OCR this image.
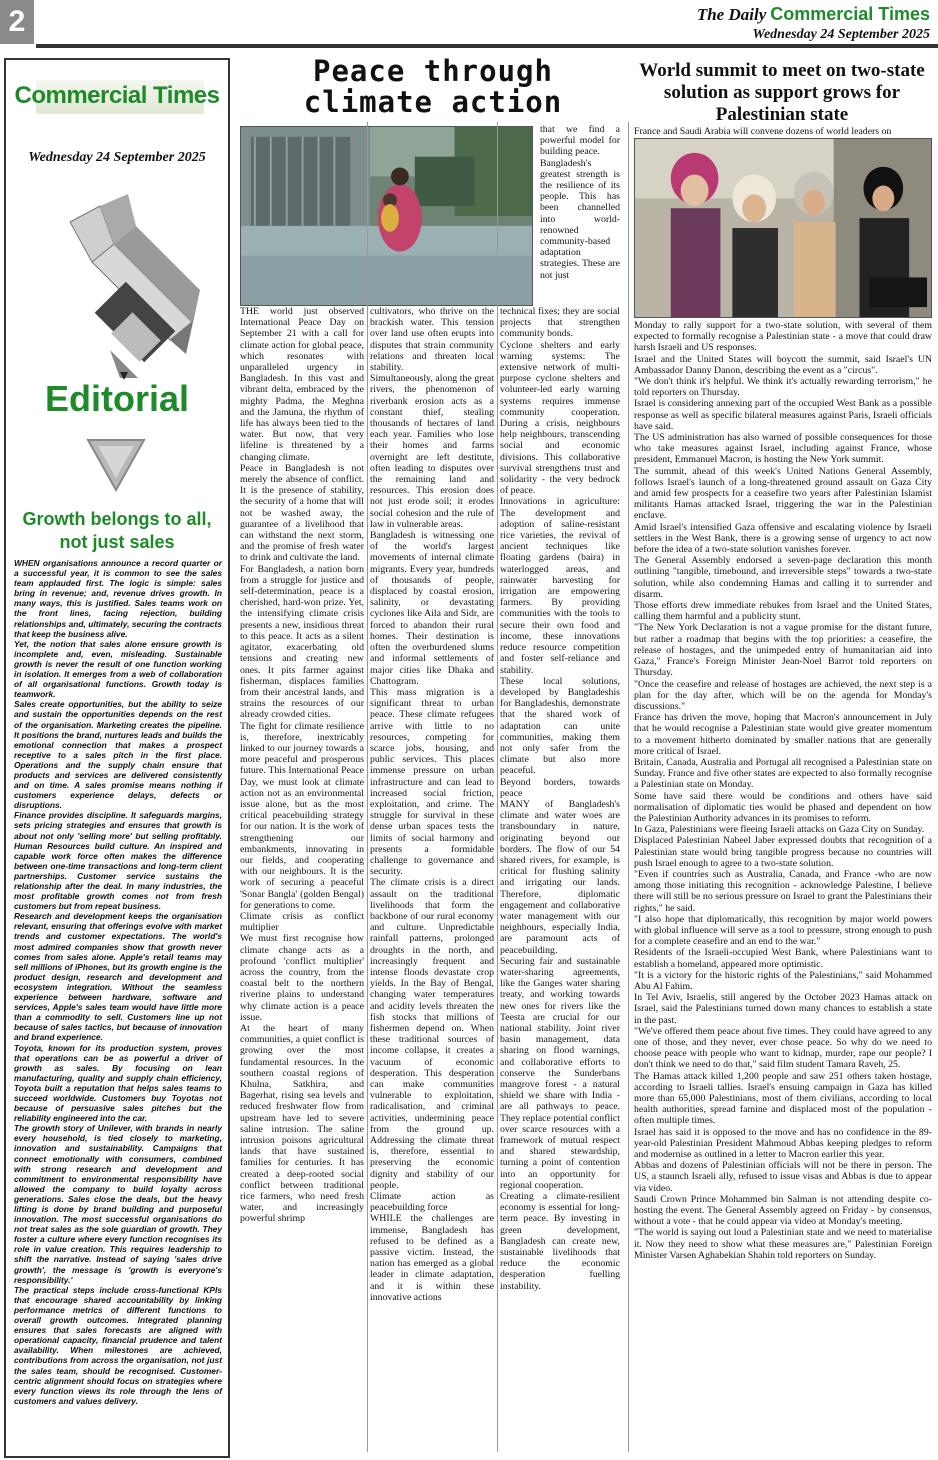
2	The Daily Commercial Times
Wednesday 24 September 2025
Commercial Times
Wednesday 24 September 2025
Editorial
Growth belongs to all, not just sales

WHEN organisations announce a record quarter or a successful year, it is common to see the sales team applauded first. The logic is simple: sales bring in revenue; and, revenue drives growth. In many ways, this is justified. Sales teams work on the front lines, facing rejection, building relationships and, ultimately, securing the contracts that keep the business alive.

Yet, the notion that sales alone ensure growth is incomplete and, even, misleading. Sustainable growth is never the result of one function working in isolation. It emerges from a web of collaboration of all organisational functions. Growth today is teamwork.

Sales create opportunities, but the ability to seize and sustain the opportunities depends on the rest of the organisation. Marketing creates the pipeline. It positions the brand, nurtures leads and builds the emotional connection that makes a prospect receptive to a sales pitch in the first place. Operations and the supply chain ensure that products and services are delivered consistently and on time. A sales promise means nothing if customers experience delays, defects or disruptions.

Finance provides discipline. It safeguards margins, sets pricing strategies and ensures that growth is about not only 'selling more' but selling profitably. Human Resources build culture. An inspired and capable work force often makes the difference between one-time transactions and long-term client partnerships. Customer service sustains the relationship after the deal. In many industries, the most profitable growth comes not from fresh customers but from repeat business.

Research and development keeps the organisation relevant, ensuring that offerings evolve with market trends and customer expectations. The world's most admired companies show that growth never comes from sales alone. Apple's retail teams may sell millions of iPhones, but its growth engine is the product design, research and development and ecosystem integration. Without the seamless experience between hardware, software and services, Apple's sales team would have little more than a commodity to sell. Customers line up not because of sales tactics, but because of innovation and brand experience.

Toyota, known for its production system, proves that operations can be as powerful a driver of growth as sales. By focusing on lean manufacturing, quality and supply chain efficiency, Toyota built a reputation that helps sales teams to succeed worldwide. Customers buy Toyotas not because of persuasive sales pitches but the reliability engineered into the car.

The growth story of Unilever, with brands in nearly every household, is tied closely to marketing, innovation and sustainability. Campaigns that connect emotionally with consumers, combined with strong research and development and commitment to environmental responsibility have allowed the company to build loyalty across generations. Sales close the deals, but the heavy lifting is done by brand building and purposeful innovation. The most successful organisations do not treat sales as the sole guardian of growth. They foster a culture where every function recognises its role in value creation. This requires leadership to shift the narrative. Instead of saying 'sales drive growth', the message is 'growth is everyone's responsibility.'

The practical steps include cross-functional KPIs that encourage shared accountability by linking performance metrics of different functions to overall growth outcomes. Integrated planning ensures that sales forecasts are aligned with operational capacity, financial prudence and talent availability. When milestones are achieved, contributions from across the organisation, not just the sales team, should be recognised. Customer-centric alignment should focus on strategies where every function views its role through the lens of customers and values delivery.

Peace through climate action

that we find a powerful model for building peace.

Bangladesh's greatest strength is the resilience of its people. This has been channelled into world-renowned community-based adaptation strategies. These are not just

THE world just observed International Peace Day on September 21 with a call for climate action for global peace, which resonates with unparalleled urgency in Bangladesh. In this vast and vibrant delta, embraced by the mighty Padma, the Meghna and the Jamuna, the rhythm of life has always been tied to the water. But now, that very lifeline is threatened by a changing climate.

Peace in Bangladesh is not merely the absence of conflict. It is the presence of stability, the security of a home that will not be washed away, the guarantee of a livelihood that can withstand the next storm, and the promise of fresh water to drink and cultivate the land.

For Bangladesh, a nation born from a struggle for justice and self-determination, peace is a cherished, hard-won prize. Yet, the intensifying climate crisis presents a new, insidious threat to this peace. It acts as a silent agitator, exacerbating old tensions and creating new ones. It pits farmer against fisherman, displaces families from their ancestral lands, and strains the resources of our already crowded cities.

The fight for climate resilience is, therefore, inextricably linked to our journey towards a more peaceful and prosperous future. This International Peace Day, we must look at climate action not as an environmental issue alone, but as the most critical peacebuilding strategy for our nation. It is the work of strengthening our embankments, innovating in our fields, and cooperating with our neighbours. It is the work of securing a peaceful 'Sonar Bangla' (golden Bengal) for generations to come.

Climate crisis as conflict multiplier

We must first recognise how climate change acts as a profound 'conflict multiplier' across the country, from the coastal belt to the northern riverine plains to understand why climate action is a peace issue.

At the heart of many communities, a quiet conflict is growing over the most fundamental resources. In the southern coastal regions of Khulna, Satkhira, and Bagerhat, rising sea levels and reduced freshwater flow from upstream have led to severe saline intrusion. The saline intrusion poisons agricultural lands that have sustained families for centuries. It has created a deep-rooted social conflict between traditional rice farmers, who need fresh water, and increasingly powerful shrimp

cultivators, who thrive on the brackish water. This tension over land use often erupts into disputes that strain community relations and threaten local stability.

Simultaneously, along the great rivers, the phenomenon of riverbank erosion acts as a constant thief, stealing thousands of hectares of land each year. Families who lose their homes and farms overnight are left destitute, often leading to disputes over the remaining land and resources. This erosion does not just erode soil; it erodes social cohesion and the rule of law in vulnerable areas.

Bangladesh is witnessing one of the world's largest movements of internal climate migrants. Every year, hundreds of thousands of people, displaced by coastal erosion, salinity, or devastating cyclones like Aila and Sidr, are forced to abandon their rural homes. Their destination is often the overburdened slums and informal settlements of major cities like Dhaka and Chattogram.

This mass migration is a significant threat to urban peace. These climate refugees arrive with little to no resources, competing for scarce jobs, housing, and public services. This places immense pressure on urban infrastructure and can lead to increased social friction, exploitation, and crime. The struggle for survival in these dense urban spaces tests the limits of social harmony and presents a formidable challenge to governance and security.

The climate crisis is a direct assault on the traditional livelihoods that form the backbone of our rural economy and culture. Unpredictable rainfall patterns, prolonged droughts in the north, and increasingly frequent and intense floods devastate crop yields. In the Bay of Bengal, changing water temperatures and acidity levels threaten the fish stocks that millions of fishermen depend on. When these traditional sources of income collapse, it creates a vacuum of economic desperation. This desperation can make communities vulnerable to exploitation, radicalisation, and criminal activities, undermining peace from the ground up. Addressing the climate threat is, therefore, essential to preserving the economic dignity and stability of our people.

Climate action as peacebuilding force

WHILE the challenges are immense, Bangladesh has refused to be defined as a passive victim. Instead, the nation has emerged as a global leader in climate adaptation, and it is within these innovative actions

technical fixes; they are social projects that strengthen community bonds.

Cyclone shelters and early warning systems: The extensive network of multi-purpose cyclone shelters and volunteer-led early warning systems requires immense community cooperation. During a crisis, neighbours help neighbours, transcending social and economic divisions. This collaborative survival strengthens trust and solidarity - the very bedrock of peace.

Innovations in agriculture: The development and adoption of saline-resistant rice varieties, the revival of ancient techniques like floating gardens (baira) in waterlogged areas, and rainwater harvesting for irrigation are empowering farmers. By providing communities with the tools to secure their own food and income, these innovations reduce resource competition and foster self-reliance and stability.

These local solutions, developed by Bangladeshis for Bangladeshis, demonstrate that the shared work of adaptation can unite communities, making them not only safer from the climate but also more peaceful.

Beyond borders, towards peace

MANY of Bangladesh's climate and water woes are transboundary in nature, originating beyond our borders. The flow of our 54 shared rivers, for example, is critical for flushing salinity and irrigating our lands. Therefore, diplomatic engagement and collaborative water management with our neighbours, especially India, are paramount acts of peacebuilding.

Securing fair and sustainable water-sharing agreements, like the Ganges water sharing treaty, and working towards new ones for rivers like the Teesta are crucial for our national stability. Joint river basin management, data sharing on flood warnings, and collaborative efforts to conserve the Sunderbans mangrove forest - a natural shield we share with India - are all pathways to peace. They replace potential conflict over scarce resources with a framework of mutual respect and shared stewardship, turning a point of contention into an opportunity for regional cooperation.

Creating a climate-resilient economy is essential for long-term peace. By investing in green development, Bangladesh can create new, sustainable livelihoods that reduce the economic desperation fuelling instability.

World summit to meet on two-state solution as support grows for Palestinian state
France and Saudi Arabia will convene dozens of world leaders on

Monday to rally support for a two-state solution, with several of them expected to formally recognise a Palestinian state - a move that could draw harsh Israeli and US responses.

Israel and the United States will boycott the summit, said Israel's UN Ambassador Danny Danon, describing the event as a "circus".

"We don't think it's helpful. We think it's actually rewarding terrorism," he told reporters on Thursday.

Israel is considering annexing part of the occupied West Bank as a possible response as well as specific bilateral measures against Paris, Israeli officials have said.

The US administration has also warned of possible consequences for those who take measures against Israel, including against France, whose president, Emmanuel Macron, is hosting the New York summit.

The summit, ahead of this week's United Nations General Assembly, follows Israel's launch of a long-threatened ground assault on Gaza City and amid few prospects for a ceasefire two years after Palestinian Islamist militants Hamas attacked Israel, triggering the war in the Palestinian enclave.

Amid Israel's intensified Gaza offensive and escalating violence by Israeli settlers in the West Bank, there is a growing sense of urgency to act now before the idea of a two-state solution vanishes forever.

The General Assembly endorsed a seven-page declaration this month outlining "tangible, timebound, and irreversible steps" towards a two-state solution, while also condemning Hamas and calling it to surrender and disarm.

Those efforts drew immediate rebukes from Israel and the United States, calling them harmful and a publicity stunt.

"The New York Declaration is not a vague promise for the distant future, but rather a roadmap that begins with the top priorities: a ceasefire, the release of hostages, and the unimpeded entry of humanitarian aid into Gaza," France's Foreign Minister Jean-Noel Barrot told reporters on Thursday.

"Once the ceasefire and release of hostages are achieved, the next step is a plan for the day after, which will be on the agenda for Monday's discussions."

France has driven the move, hoping that Macron's announcement in July that he would recognise a Palestinian state would give greater momentum to a movement hitherto dominated by smaller nations that are generally more critical of Israel.

Britain, Canada, Australia and Portugal all recognised a Palestinian state on Sunday. France and five other states are expected to also formally recognise a Palestinian state on Monday.

Some have said there would be conditions and others have said normalisation of diplomatic ties would be phased and dependent on how the Palestinian Authority advances in its promises to reform.

In Gaza, Palestinians were fleeing Israeli attacks on Gaza City on Sunday.

Displaced Palestinian Nabeel Jaber expressed doubts that recognition of a Palestinian state would bring tangible progress because no countries will push Israel enough to agree to a two-state solution.

"Even if countries such as Australia, Canada, and France -who are now among those initiating this recognition - acknowledge Palestine, I believe there will still be no serious pressure on Israel to grant the Palestinians their rights," he said.

"I also hope that diplomatically, this recognition by major world powers with global influence will serve as a tool to pressure, strong enough to push for a complete ceasefire and an end to the war."

Residents of the Israeli-occupied West Bank, where Palestinians want to establish a homeland, appeared more optimistic.

"It is a victory for the historic rights of the Palestinians," said Mohammed Abu Al Fahim.

In Tel Aviv, Israelis, still angered by the October 2023 Hamas attack on Israel, said the Palestinians turned down many chances to establish a state in the past.

"We've offered them peace about five times. They could have agreed to any one of those, and they never, ever chose peace. So why do we need to choose peace with people who want to kidnap, murder, rape our people? I don't think we need to do that," said film student Tamara Raveh, 25.

The Hamas attack killed 1,200 people and saw 251 others taken hostage, according to Israeli tallies. Israel's ensuing campaign in Gaza has killed more than 65,000 Palestinians, most of them civilians, according to local health authorities, spread famine and displaced most of the population - often multiple times.

Israel has said it is opposed to the move and has no confidence in the 89-year-old Palestinian President Mahmoud Abbas keeping pledges to reform and modernise as outlined in a letter to Macron earlier this year.

Abbas and dozens of Palestinian officials will not be there in person. The US, a staunch Israeli ally, refused to issue visas and Abbas is due to appear via video.

Saudi Crown Prince Mohammed bin Salman is not attending despite co-hosting the event. The General Assembly agreed on Friday - by consensus, without a vote - that he could appear via video at Monday's meeting.

"The world is saying out loud a Palestinian state and we need to materialise it. Now they need to show what these measures are," Palestinian Foreign Minister Varsen Aghabekian Shahin told reporters on Sunday.
